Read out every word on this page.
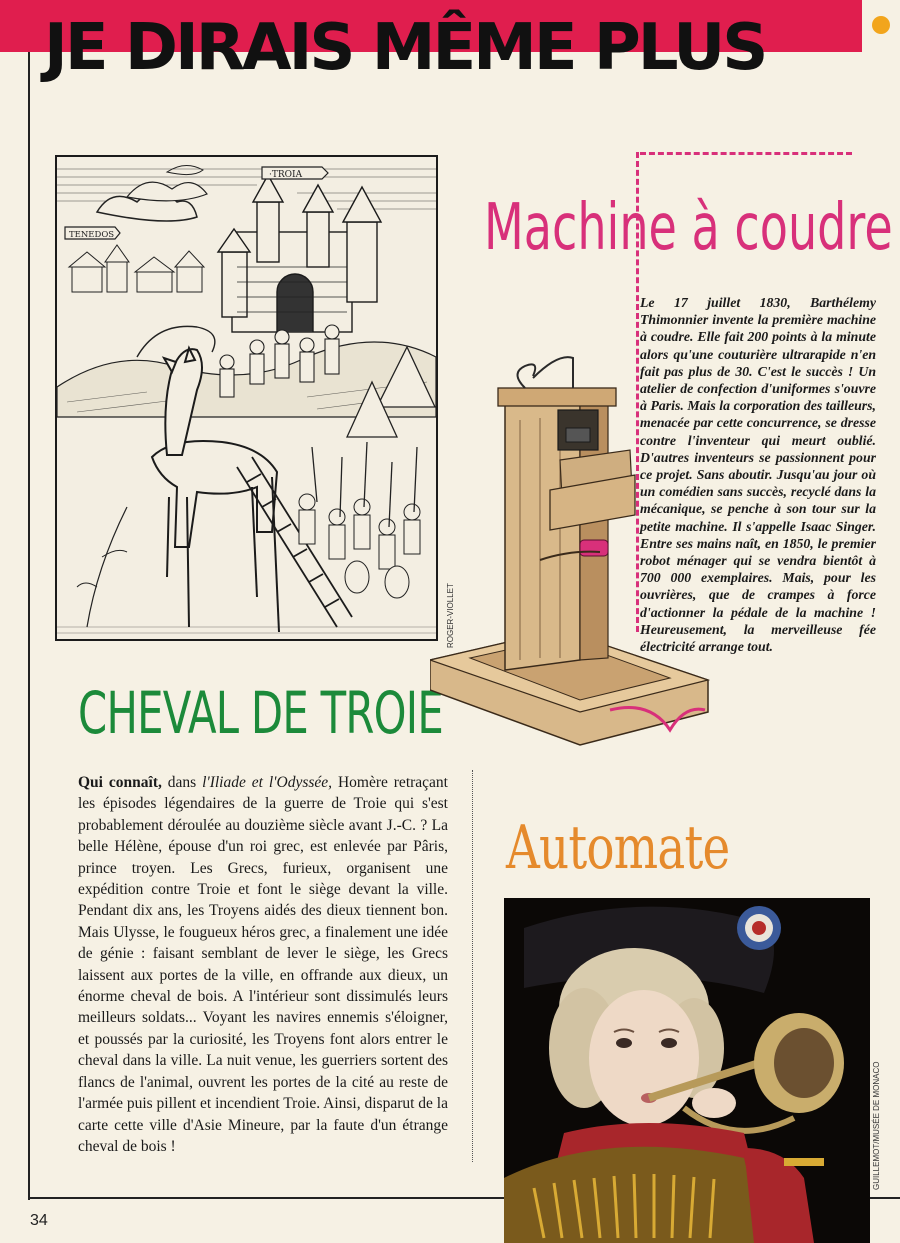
JE DIRAIS MÊME PLUS
34
·TROIA
TENEDOS
ROGER-VIOLLET
CHEVAL DE TROIE
Qui connaît, dans l'Iliade et l'Odyssée, Homère retraçant les épisodes légendaires de la guerre de Troie qui s'est probablement déroulée au douzième siècle avant J.-C. ? La belle Hélène, épouse d'un roi grec, est enlevée par Pâris, prince troyen. Les Grecs, furieux, organisent une expédition contre Troie et font le siège devant la ville. Pendant dix ans, les Troyens aidés des dieux tiennent bon. Mais Ulysse, le fougueux héros grec, a finalement une idée de génie : faisant semblant de lever le siège, les Grecs laissent aux portes de la ville, en offrande aux dieux, un énorme cheval de bois. A l'intérieur sont dissimulés leurs meilleurs soldats... Voyant les navires ennemis s'éloigner, et poussés par la curiosité, les Troyens font alors entrer le cheval dans la ville. La nuit venue, les guerriers sortent des flancs de l'animal, ouvrent les portes de la cité au reste de l'armée puis pillent et incendient Troie. Ainsi, disparut de la carte cette ville d'Asie Mineure, par la faute d'un étrange cheval de bois !
Machine à coudre
Le 17 juillet 1830, Barthélemy Thimonnier invente la première machine à coudre. Elle fait 200 points à la minute alors qu'une couturière ultrarapide n'en fait pas plus de 30. C'est le succès ! Un atelier de confection d'uniformes s'ouvre à Paris. Mais la corporation des tailleurs, menacée par cette concurrence, se dresse contre l'inventeur qui meurt oublié. D'autres inventeurs se passionnent pour ce projet. Sans aboutir. Jusqu'au jour où un comédien sans succès, recyclé dans la mécanique, se penche à son tour sur la petite machine. Il s'appelle Isaac Singer. Entre ses mains naît, en 1850, le premier robot ménager qui se vendra bientôt à 700 000 exemplaires. Mais, pour les ouvrières, que de crampes à force d'actionner la pédale de la machine ! Heureusement, la merveilleuse fée électricité arrange tout.
Automate
GUILLEMOT/MUSÉE DE MONACO
